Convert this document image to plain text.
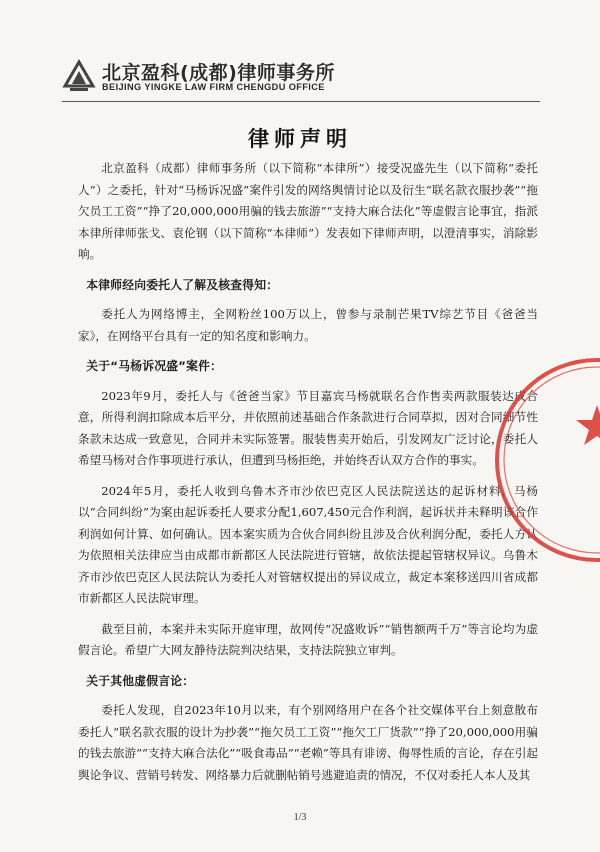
北京盈科(成都)律师事务所
BEIJING YINGKE LAW FIRM CHENGDU OFFICE
律师声明

北京盈科（成都）律师事务所（以下简称“本律所”）接受况盛先生（以下简称“委托人”）之委托，针对“马杨诉况盛”案件引发的网络舆情讨论以及衍生“联名款衣服抄袭”“拖欠员工工资”“挣了20,000,000用骗的钱去旅游”“支持大麻合法化”等虚假言论事宜，指派本律所律师张戈、袁伦钢（以下简称“本律师”）发表如下律师声明，以澄清事实，消除影响。

本律师经向委托人了解及核查得知：

委托人为网络博主，全网粉丝100万以上，曾参与录制芒果TV综艺节目《爸爸当家》，在网络平台具有一定的知名度和影响力。

关于“马杨诉况盛”案件：

2023年9月，委托人与《爸爸当家》节目嘉宾马杨就联名合作售卖两款服装达成合意，所得利润扣除成本后平分，并依照前述基础合作条款进行合同草拟，因对合同细节性条款未达成一致意见，合同并未实际签署。服装售卖开始后，引发网友广泛讨论，委托人希望马杨对合作事项进行承认，但遭到马杨拒绝，并始终否认双方合作的事实。

2024年5月，委托人收到乌鲁木齐市沙依巴克区人民法院送达的起诉材料，马杨以“合同纠纷”为案由起诉委托人要求分配1,607,450元合作利润，起诉状并未释明该合作利润如何计算、如何确认。因本案实质为合伙合同纠纷且涉及合伙利润分配，委托人方认为依照相关法律应当由成都市新都区人民法院进行管辖，故依法提起管辖权异议。乌鲁木齐市沙依巴克区人民法院认为委托人对管辖权提出的异议成立，裁定本案移送四川省成都市新都区人民法院审理。

截至目前，本案并未实际开庭审理，故网传“况盛败诉”“销售额两千万”等言论均为虚假言论。希望广大网友静待法院判决结果，支持法院独立审判。

关于其他虚假言论：

委托人发现，自2023年10月以来，有个别网络用户在各个社交媒体平台上刻意散布委托人“联名款衣服的设计为抄袭”“拖欠员工工资”“拖欠工厂货款”“挣了20,000,000用骗的钱去旅游”“支持大麻合法化”“吸食毒品”“老赖”等具有诽谤、侮辱性质的言论，存在引起舆论争议、营销号转发、网络暴力后就删帖销号逃避追责的情况，不仅对委托人本人及其

1/3
